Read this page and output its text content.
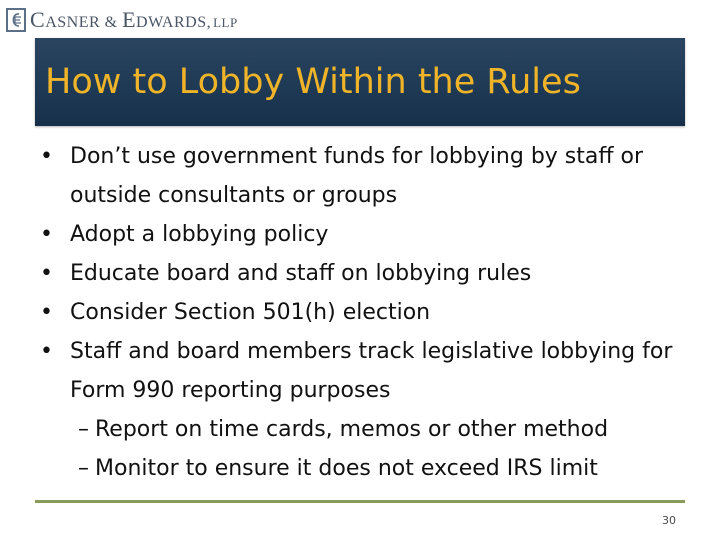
CASNER & EDWARDS, LLP
How to Lobby Within the Rules

• Don’t use government funds for lobbying by staff or outside consultants or groups

• Adopt a lobbying policy

• Educate board and staff on lobbying rules

• Consider Section 501(h) election

• Staff and board members track legislative lobbying for Form 990 reporting purposes

– Report on time cards, memos or other method

– Monitor to ensure it does not exceed IRS limit

30
